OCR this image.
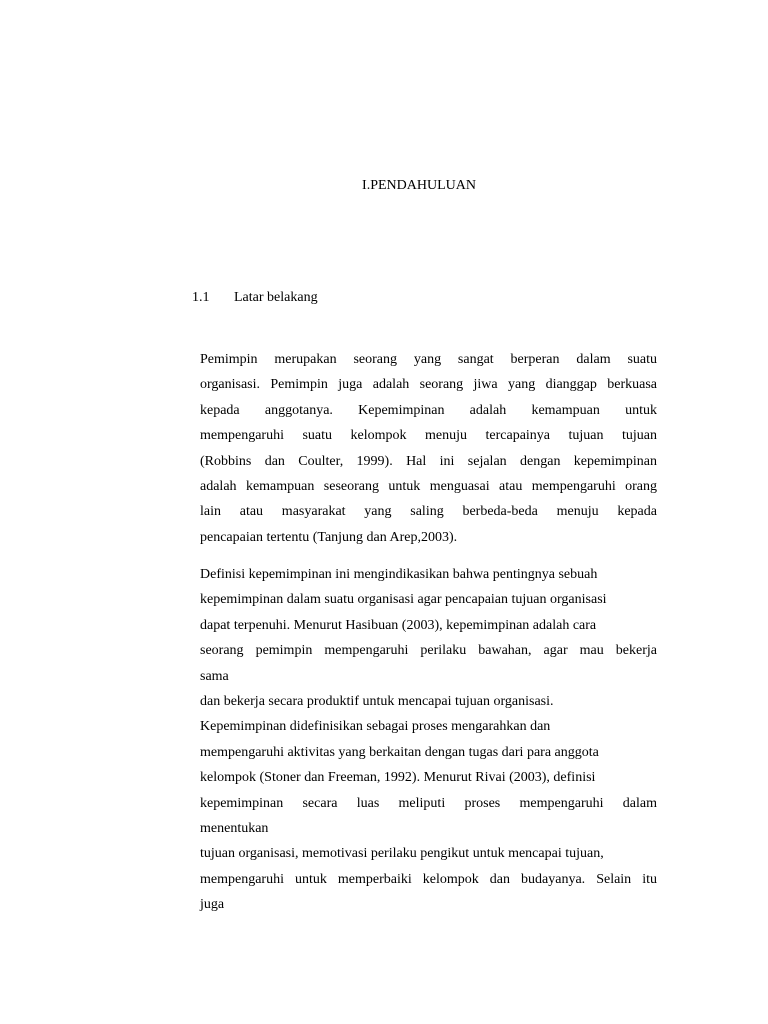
I.PENDAHULUAN
1.1 Latar belakang
Pemimpin merupakan seorang yang sangat berperan dalam suatu
organisasi. Pemimpin juga adalah seorang jiwa yang dianggap berkuasa
kepada anggotanya. Kepemimpinan adalah kemampuan untuk
mempengaruhi suatu kelompok menuju tercapainya tujuan tujuan
(Robbins dan Coulter, 1999). Hal ini sejalan dengan kepemimpinan
adalah kemampuan seseorang untuk menguasai atau mempengaruhi orang
lain atau masyarakat yang saling berbeda-beda menuju kepada
pencapaian tertentu (Tanjung dan Arep,2003).
Definisi kepemimpinan ini mengindikasikan bahwa pentingnya sebuah
kepemimpinan dalam suatu organisasi agar pencapaian tujuan organisasi
dapat terpenuhi. Menurut Hasibuan (2003), kepemimpinan adalah cara
seorang pemimpin mempengaruhi perilaku bawahan, agar mau bekerja
sama
dan bekerja secara produktif untuk mencapai tujuan organisasi.
Kepemimpinan didefinisikan sebagai proses mengarahkan dan
mempengaruhi aktivitas yang berkaitan dengan tugas dari para anggota
kelompok (Stoner dan Freeman, 1992). Menurut Rivai (2003), definisi
kepemimpinan secara luas meliputi proses mempengaruhi dalam
menentukan
tujuan organisasi, memotivasi perilaku pengikut untuk mencapai tujuan,
mempengaruhi untuk memperbaiki kelompok dan budayanya. Selain itu
juga
